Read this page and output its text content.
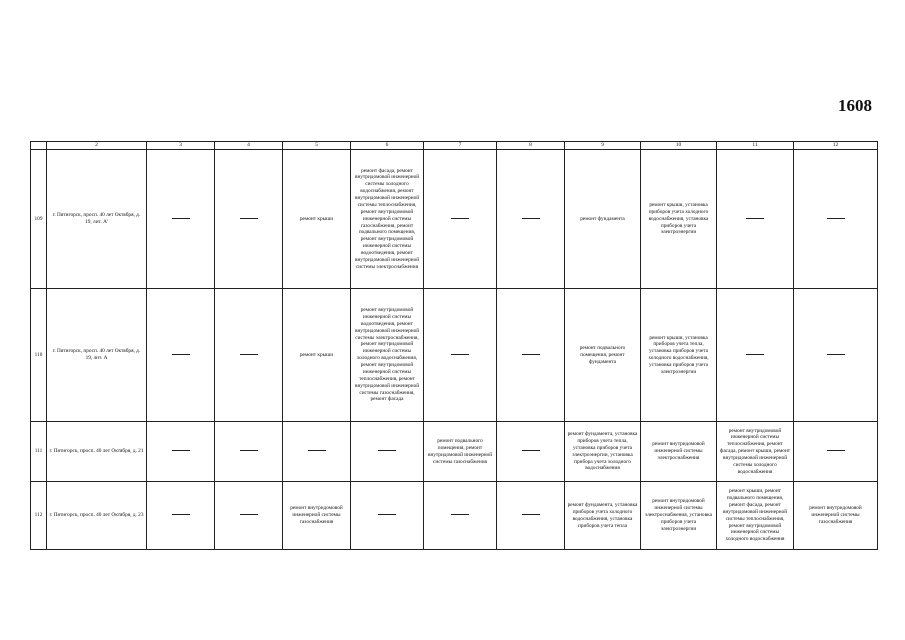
1608
	2	3	4	5	6	7	8	9	10	11	12
109	г. Пятигорск, просп. 40 лет Октября, д. 19, лит. А'			ремонт крыши	ремонт фасада, ремонт внутридомовой инженерной системы холодного водоснабжения, ремонт внутридомовой инженерной системы теплоснабжения, ремонт внутридомовой инженерной системы газоснабжения, ремонт подвального помещения, ремонт внутридомовой инженерной системы водоотведения, ремонт внутридомовой инженерной системы электроснабжения			ремонт фундамента	ремонт крыши, установка приборов учета холодного водоснабжения, установка приборов учета электроэнергии		
110	г. Пятигорск, просп. 40 лет Октября, д. 19, лит. А			ремонт крыши	ремонт внутридомовой инженерной системы водоотведения, ремонт внутридомовой инженерной системы электроснабжения, ремонт внутридомовой инженерной системы холодного водоснабжения, ремонт внутридомовой инженерной системы теплоснабжения, ремонт внутридомовой инженерной системы газоснабжения, ремонт фасада			ремонт подвального помещения, ремонт фундамента	ремонт крыши, установка приборов учета тепла, установка приборов учета холодного водоснабжения, установка приборов учета электроэнергии		
111	г. Пятигорск, просп. 40 лет Октября, д. 21					ремонт подвального помещения, ремонт внутридомовой инженерной системы газоснабжения		ремонт фундамента, установка приборов учета тепла, установка приборов учета электроэнергии, установка прибора учета холодного водоснабжения	ремонт внутридомовой инженерной системы электроснабжения	ремонт внутридомовой инженерной системы теплоснабжения, ремонт фасада, ремонт крыши, ремонт внутридомовой инженерной системы холодного водоснабжения	
112	г. Пятигорск, просп. 40 лет Октября, д. 23			ремонт внутридомовой инженерной системы газоснабжения				ремонт фундамента, установка приборов учета холодного водоснабжения, установка приборов учета тепла	ремонт внутридомовой инженерной системы электроснабжения, установка приборов учета электроэнергии	ремонт крыши, ремонт подвального помещения, ремонт фасада, ремонт внутридомовой инженерной системы теплоснабжения, ремонт внутридомовой инженерной системы холодного водоснабжения	ремонт внутридомовой инженерной системы газоснабжения
